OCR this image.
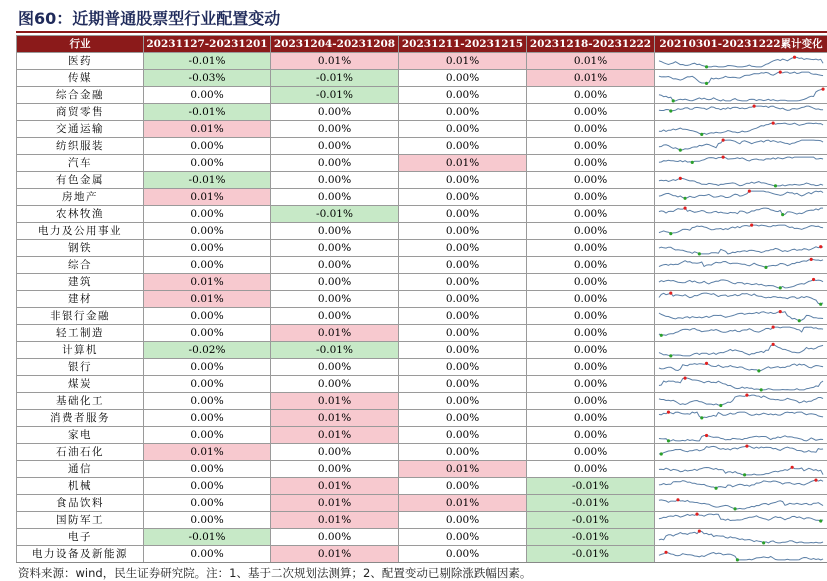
图60：近期普通股票型行业配置变动
行业	20231127-20231201	20231204-20231208	20231211-20231215	20231218-20231222	20210301-20231222累计变化
医药	-0.01%	0.01%	0.01%	0.01%	

传媒	-0.03%	-0.01%	0.00%	0.01%	

综合金融	0.00%	-0.01%	0.00%	0.00%	

商贸零售	-0.01%	0.00%	0.00%	0.00%	

交通运输	0.01%	0.00%	0.00%	0.00%	

纺织服装	0.00%	0.00%	0.00%	0.00%	

汽车	0.00%	0.00%	0.01%	0.00%	

有色金属	-0.01%	0.00%	0.00%	0.00%	

房地产	0.01%	0.00%	0.00%	0.00%	

农林牧渔	0.00%	-0.01%	0.00%	0.00%	

电力及公用事业	0.00%	0.00%	0.00%	0.00%	

钢铁	0.00%	0.00%	0.00%	0.00%	

综合	0.00%	0.00%	0.00%	0.00%	

建筑	0.01%	0.00%	0.00%	0.00%	

建材	0.01%	0.00%	0.00%	0.00%	

非银行金融	0.00%	0.00%	0.00%	0.00%	

轻工制造	0.00%	0.01%	0.00%	0.00%	

计算机	-0.02%	-0.01%	0.00%	0.00%	

银行	0.00%	0.00%	0.00%	0.00%	

煤炭	0.00%	0.00%	0.00%	0.00%	

基础化工	0.00%	0.01%	0.00%	0.00%	

消费者服务	0.00%	0.01%	0.00%	0.00%	

家电	0.00%	0.01%	0.00%	0.00%	

石油石化	0.01%	0.00%	0.00%	0.00%	

通信	0.00%	0.00%	0.01%	0.00%	

机械	0.00%	0.01%	0.00%	-0.01%	

食品饮料	0.00%	0.01%	0.01%	-0.01%	

国防军工	0.00%	0.01%	0.00%	-0.01%	

电子	-0.01%	0.00%	0.00%	-0.01%	

电力设备及新能源	0.00%	0.01%	0.00%	-0.01%	
资料来源：wind，民生证券研究院。注：1、基于二次规划法测算；2、配置变动已剔除涨跌幅因素。
